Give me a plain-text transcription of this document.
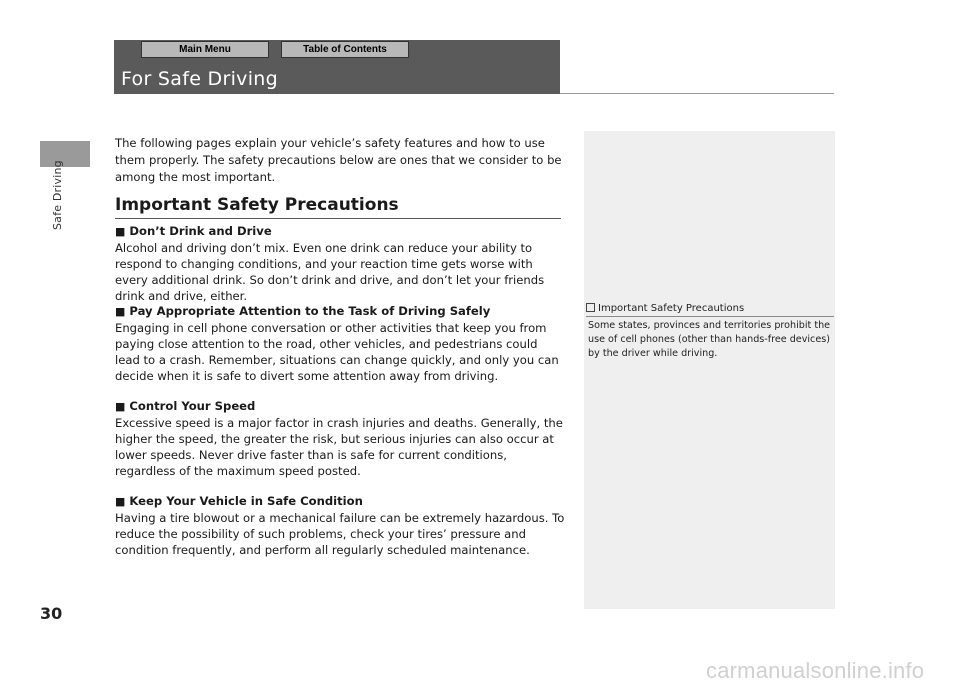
Safe Driving
Main Menu	Table of Contents
For Safe Driving
The following pages explain your vehicle’s safety features and how to use them properly. The safety precautions below are ones that we consider to be among the most important.
Important Safety Precautions
■ Don’t Drink and Drive
Alcohol and driving don’t mix. Even one drink can reduce your ability to respond to changing conditions, and your reaction time gets worse with every additional drink. So don’t drink and drive, and don’t let your friends drink and drive, either.
■ Pay Appropriate Attention to the Task of Driving Safely
Engaging in cell phone conversation or other activities that keep you from paying close attention to the road, other vehicles, and pedestrians could lead to a crash. Remember, situations can change quickly, and only you can decide when it is safe to divert some attention away from driving.
■ Control Your Speed
Excessive speed is a major factor in crash injuries and deaths. Generally, the higher the speed, the greater the risk, but serious injuries can also occur at lower speeds. Never drive faster than is safe for current conditions, regardless of the maximum speed posted.
■ Keep Your Vehicle in Safe Condition
Having a tire blowout or a mechanical failure can be extremely hazardous. To reduce the possibility of such problems, check your tires’ pressure and condition frequently, and perform all regularly scheduled maintenance.
Important Safety Precautions
Some states, provinces and territories prohibit the use of cell phones (other than hands-free devices) by the driver while driving.
30
carmanualsonline.info
